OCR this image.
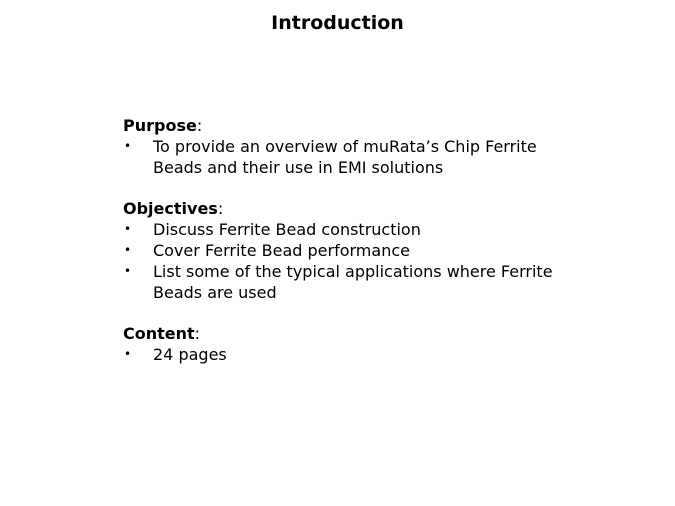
Introduction

Purpose:

• To provide an overview of muRata’s Chip Ferrite Beads and their use in EMI solutions

Objectives:

• Discuss Ferrite Bead construction
• Cover Ferrite Bead performance
• List some of the typical applications where Ferrite Beads are used

Content:

• 24 pages
